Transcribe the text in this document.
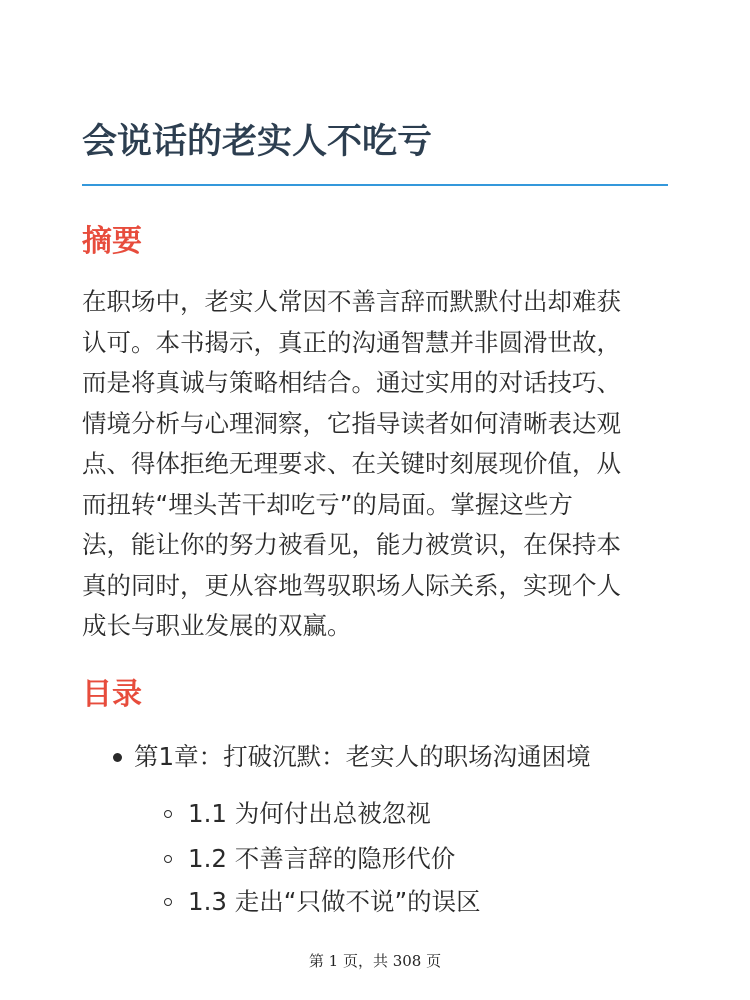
会说话的老实人不吃亏
摘要

在职场中，老实人常因不善言辞而默默付出却难获
认可。本书揭示，真正的沟通智慧并非圆滑世故，
而是将真诚与策略相结合。通过实用的对话技巧、
情境分析与心理洞察，它指导读者如何清晰表达观
点、得体拒绝无理要求、在关键时刻展现价值，从
而扭转“埋头苦干却吃亏”的局面。掌握这些方
法，能让你的努力被看见，能力被赏识，在保持本
真的同时，更从容地驾驭职场人际关系，实现个人
成长与职业发展的双赢。

目录
第1章：打破沉默：老实人的职场沟通困境
1.1 为何付出总被忽视
1.2 不善言辞的隐形代价
1.3 走出“只做不说”的误区
第 1 页，共 308 页
